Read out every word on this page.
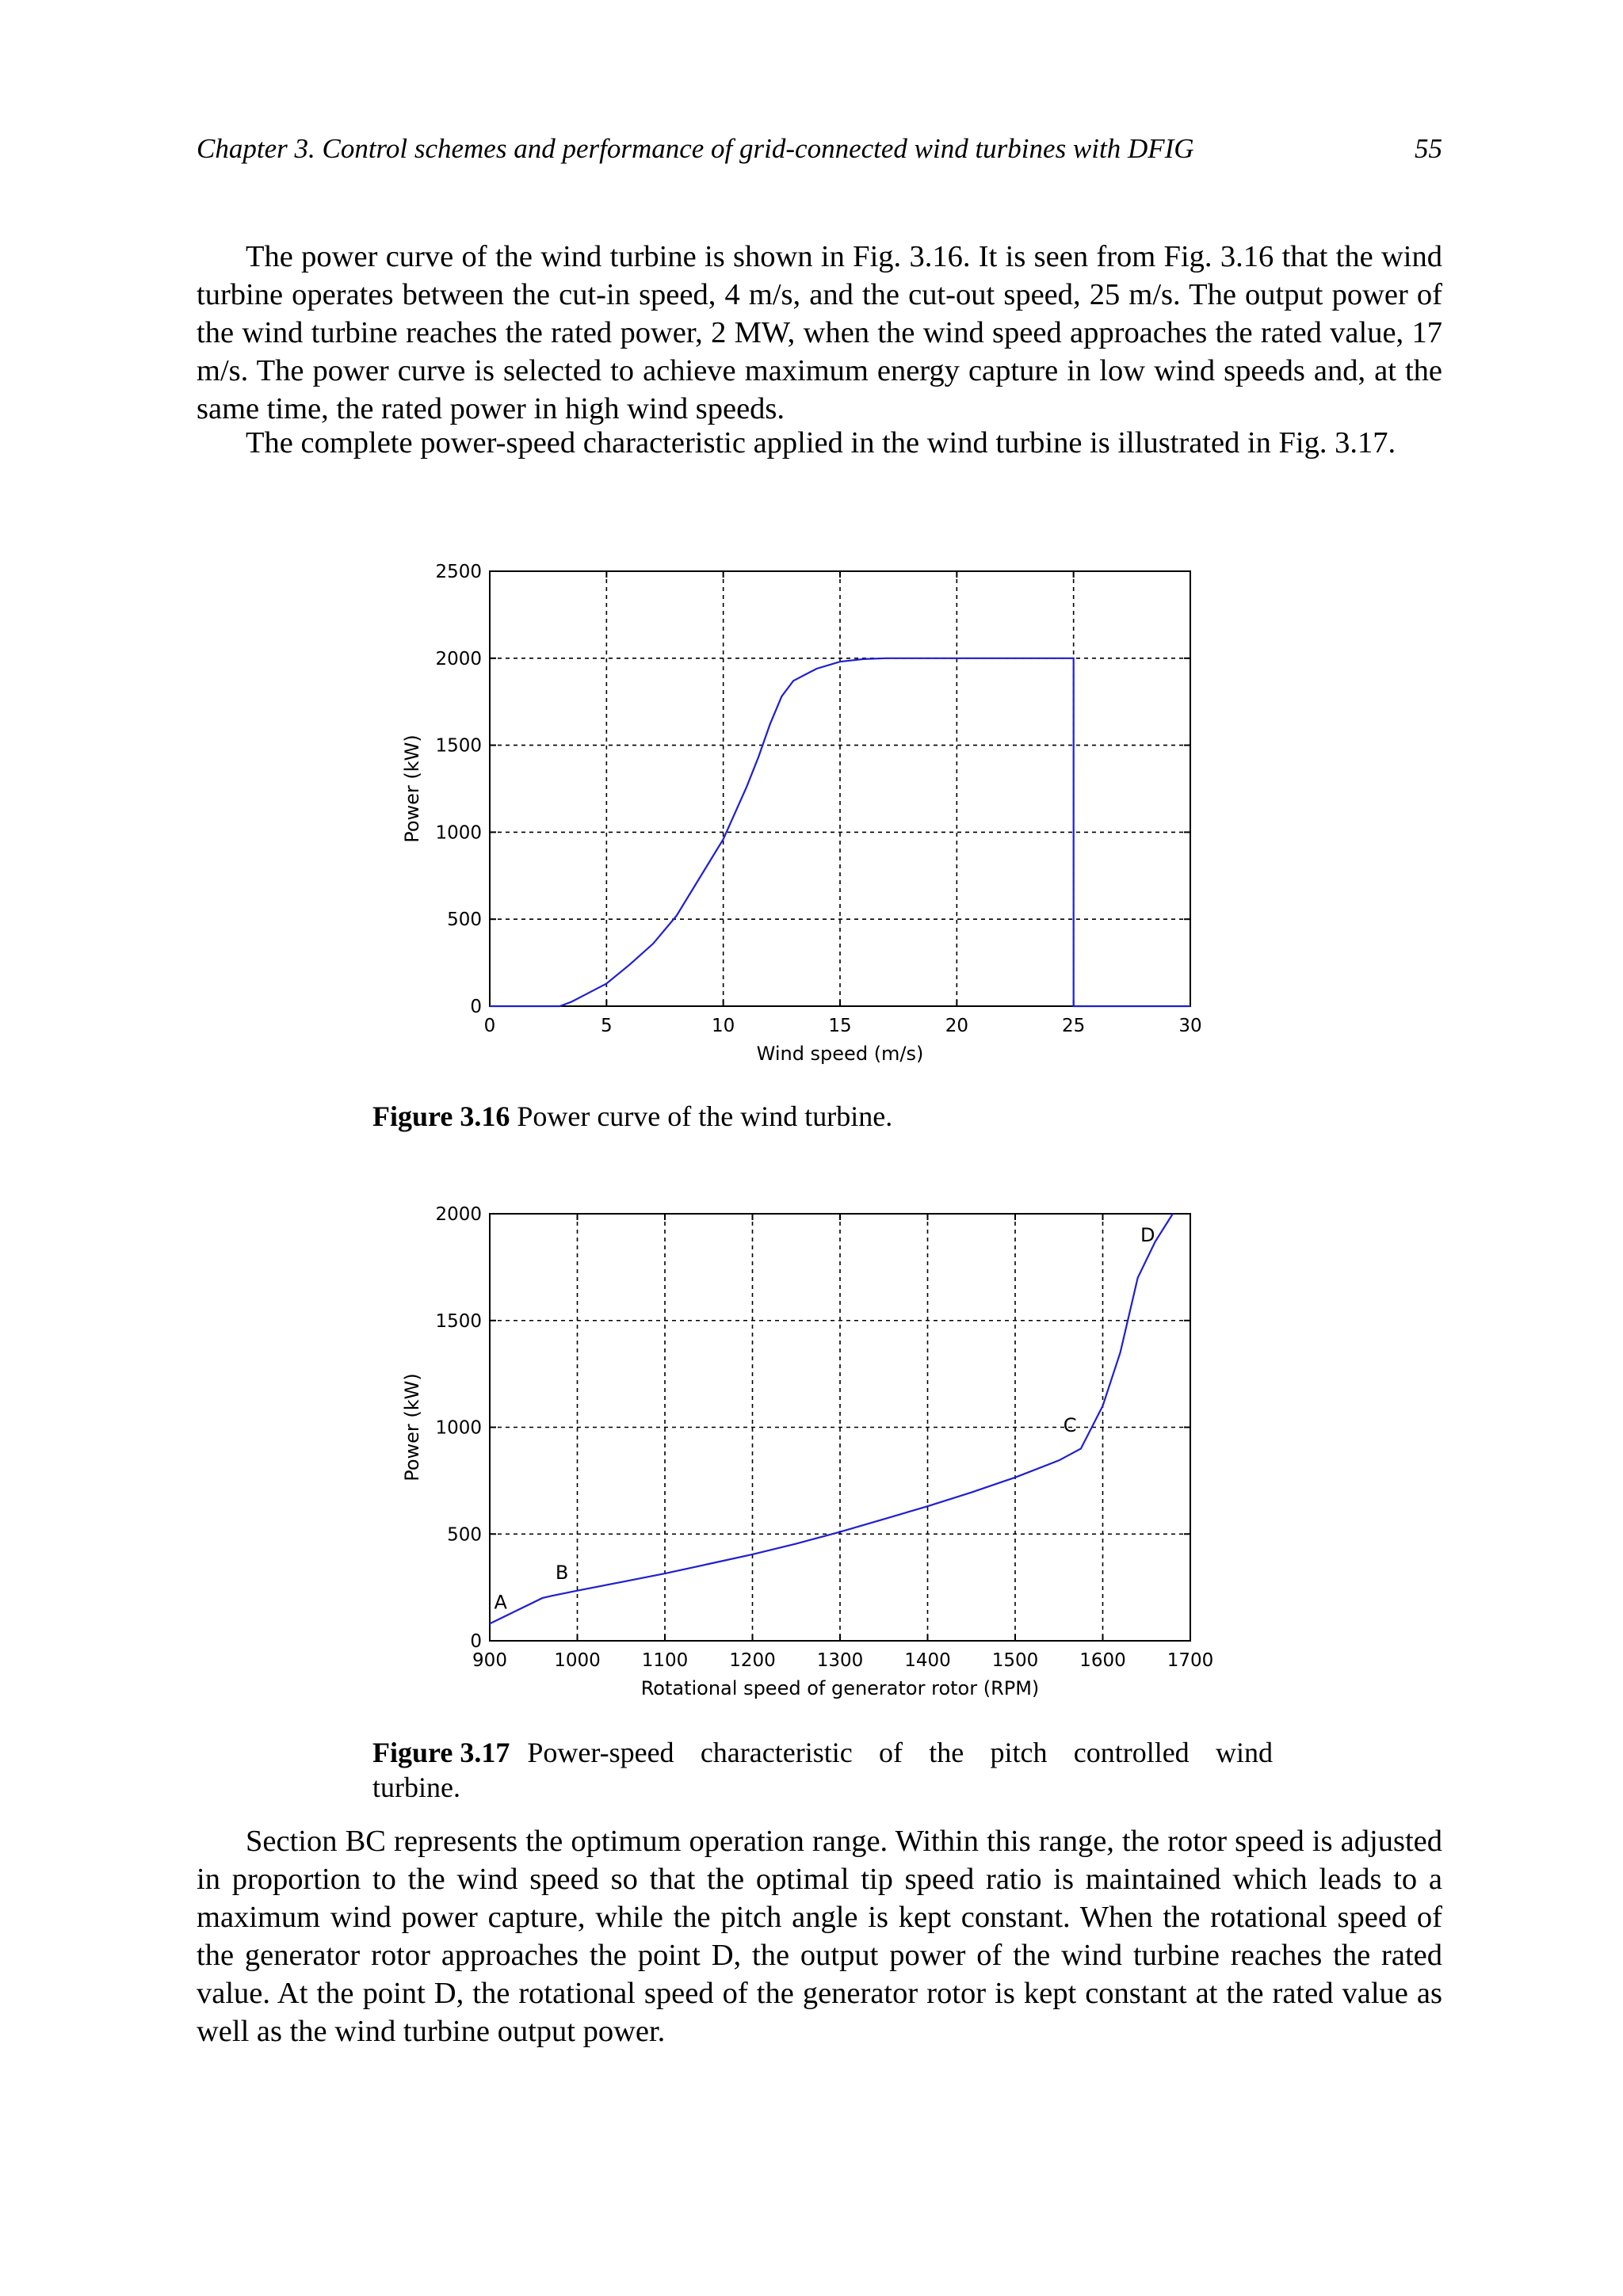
Chapter 3. Control schemes and performance of grid-connected wind turbines with DFIG	55
The power curve of the wind turbine is shown in Fig. 3.16. It is seen from Fig. 3.16 that the wind turbine operates between the cut-in speed, 4 m/s, and the cut-out speed, 25 m/s. The output power of the wind turbine reaches the rated power, 2 MW, when the wind speed approaches the rated value, 17 m/s. The power curve is selected to achieve maximum energy capture in low wind speeds and, at the same time, the rated power in high wind speeds.
The complete power-speed characteristic applied in the wind turbine is illustrated in Fig. 3.17.
0	5	10	15	20	25	30
0
500
1000
1500
2000
2500
Wind speed (m/s)
Power (kW)
Figure 3.16 Power curve of the wind turbine.
900	1000 1100 1200 1300 1400 1500 1600 1700
0
500
1000
1500
2000
Rotational speed of generator rotor (RPM)
Power (kW)
A
B
C
D
Figure 3.17 Power-speed characteristic of the pitch controlled wind
turbine.
Section BC represents the optimum operation range. Within this range, the rotor speed is adjusted in proportion to the wind speed so that the optimal tip speed ratio is maintained which leads to a maximum wind power capture, while the pitch angle is kept constant. When the rotational speed of the generator rotor approaches the point D, the output power of the wind turbine reaches the rated value. At the point D, the rotational speed of the generator rotor is kept constant at the rated value as well as the wind turbine output power.
